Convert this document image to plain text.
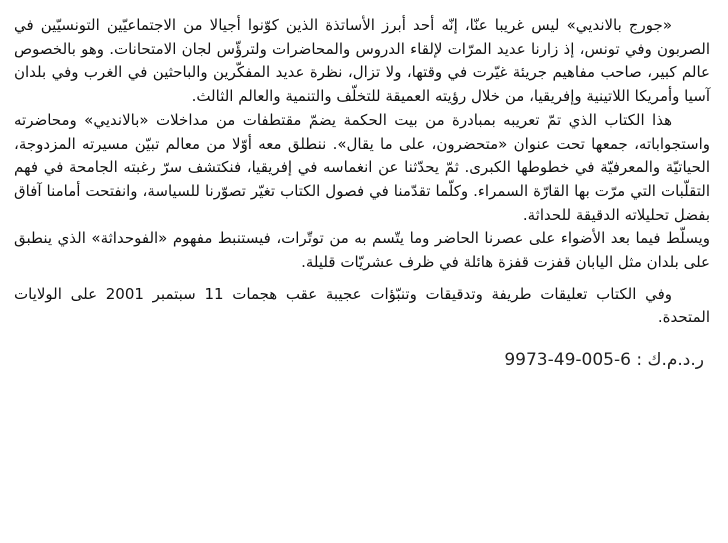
«جورج بالانديي» ليس غريبا عنّا، إنّه أحد أبرز الأساتذة الذين كوّنوا أجيالا من الاجتماعيّين التونسيّين في الصربون وفي تونس، إذ زارنا عديد المرّات لإلقاء الدروس والمحاضرات ولترؤّس لجان الامتحانات. وهو بالخصوص عالم كبير، صاحب مفاهيم جريئة غيّرت في وقتها، ولا تزال، نظرة عديد المفكّرين والباحثين في الغرب وفي بلدان آسيا وأمريكا اللاتينية وإفريقيا، من خلال رؤيته العميقة للتخلّف والتنمية والعالم الثالث.

هذا الكتاب الذي تمّ تعريبه بمبادرة من بيت الحكمة يضمّ مقتطفات من مداخلات «بالانديي» ومحاضرته واستجواباته، جمعها تحت عنوان «متحضرون، على ما يقال». ننطلق معه أوّلا من معالم تبيّن مسيرته المزدوجة، الحياتيّة والمعرفيّة في خطوطها الكبرى. ثمّ يحدّثنا عن انغماسه في إفريقيا، فنكتشف سرّ رغبته الجامحة في فهم التقلّبات التي مرّت بها القارّة السمراء. وكلّما تقدّمنا في فصول الكتاب تغيّر تصوّرنا للسياسة، وانفتحت أمامنا آفاق بفضل تحليلاته الدقيقة للحداثة.

ويسلّط فيما بعد الأضواء على عصرنا الحاضر وما يتّسم به من توتّرات، فيستنبط مفهوم «الفوحداثة» الذي ينطبق على بلدان مثل اليابان قفزت قفزة هائلة في ظرف عشريّات قليلة.

وفي الكتاب تعليقات طريفة وتدقيقات وتنبّؤات عجيبة عقب هجمات 11 سبتمبر 2001 على الولايات المتحدة.

ر.د.م.ك : 9973-49-005-6
